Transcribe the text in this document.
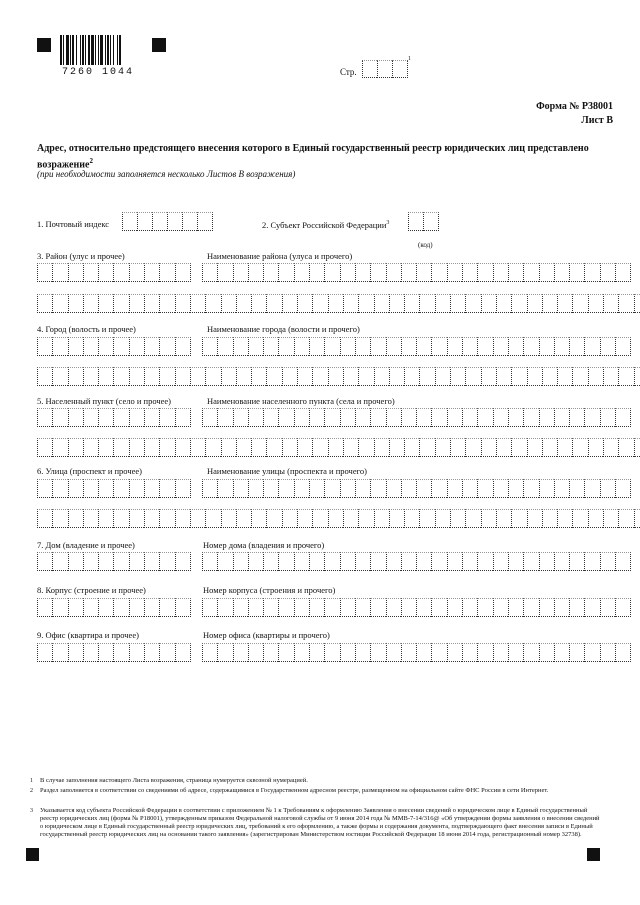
7260 1044	Стр.
1
Форма № Р38001
Лист В
Адрес, относительно предстоящего внесения которого в Единый государственный реестр юридических лиц представлено возражение$^2$
(при необходимости заполняется несколько Листов В возражения)
1. Почтовый индекс	2. Субъект Российской Федерации$^3$
(код)
3. Район (улус и прочее)	Наименование района (улуса и прочего)
4. Город (волость и прочее)	Наименование города (волости и прочего)
5. Населенный пункт (село и прочее)	Наименование населенного пункта (села и прочего)
6. Улица (проспект и прочее)	Наименование улицы (проспекта и прочего)
7. Дом (владение и прочее)	Номер дома (владения и прочего)
8. Корпус (строение и прочее)	Номер корпуса (строения и прочего)
9. Офис (квартира и прочее)	Номер офиса (квартиры и прочего)
1 В случае заполнения настоящего Листа возражения, страница нумеруется сквозной нумерацией.
2 Раздел заполняется в соответствии со сведениями об адресе, содержащимися в Государственном адресном реестре, размещенном на официальном сайте ФНС России в сети Интернет.
3 Указывается код субъекта Российской Федерации в соответствии с приложением № 1 к Требованиям к оформлению Заявления о внесении сведений о юридическом лице в Единый государственный реестр юридических лиц (форма № Р18001), утвержденным приказом Федеральной налоговой службы от 9 июня 2014 года № ММВ-7-14/316@ «Об утверждении формы заявления о внесении сведений о юридическом лице в Единый государственный реестр юридических лиц, требований к его оформлению, а также формы и содержания документа, подтверждающего факт внесения записи в Единый государственный реестр юридических лиц на основании такого заявления» (зарегистрирован Министерством юстиции Российской Федерации 18 июня 2014 года, регистрационный номер 32738).
